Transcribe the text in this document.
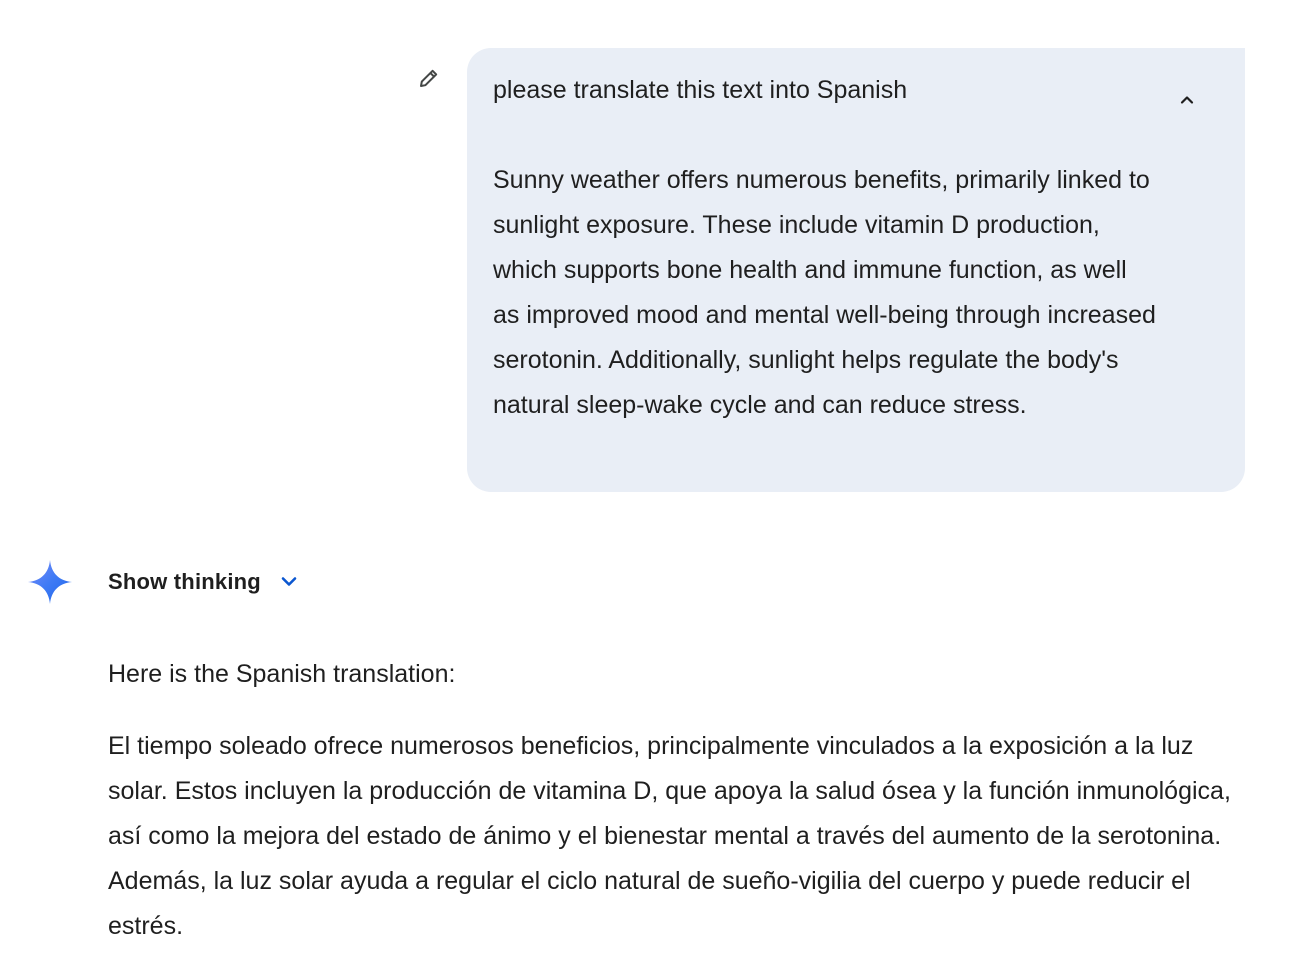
please translate this text into Spanish

Sunny weather offers numerous benefits, primarily linked to sunlight exposure. These include vitamin D production, which supports bone health and immune function, as well as improved mood and mental well-being through increased serotonin. Additionally, sunlight helps regulate the body's natural sleep-wake cycle and can reduce stress.

Show thinking

Here is the Spanish translation:

El tiempo soleado ofrece numerosos beneficios, principalmente vinculados a la exposición a la luz solar. Estos incluyen la producción de vitamina D, que apoya la salud ósea y la función inmunológica, así como la mejora del estado de ánimo y el bienestar mental a través del aumento de la serotonina. Además, la luz solar ayuda a regular el ciclo natural de sueño-vigilia del cuerpo y puede reducir el estrés.
